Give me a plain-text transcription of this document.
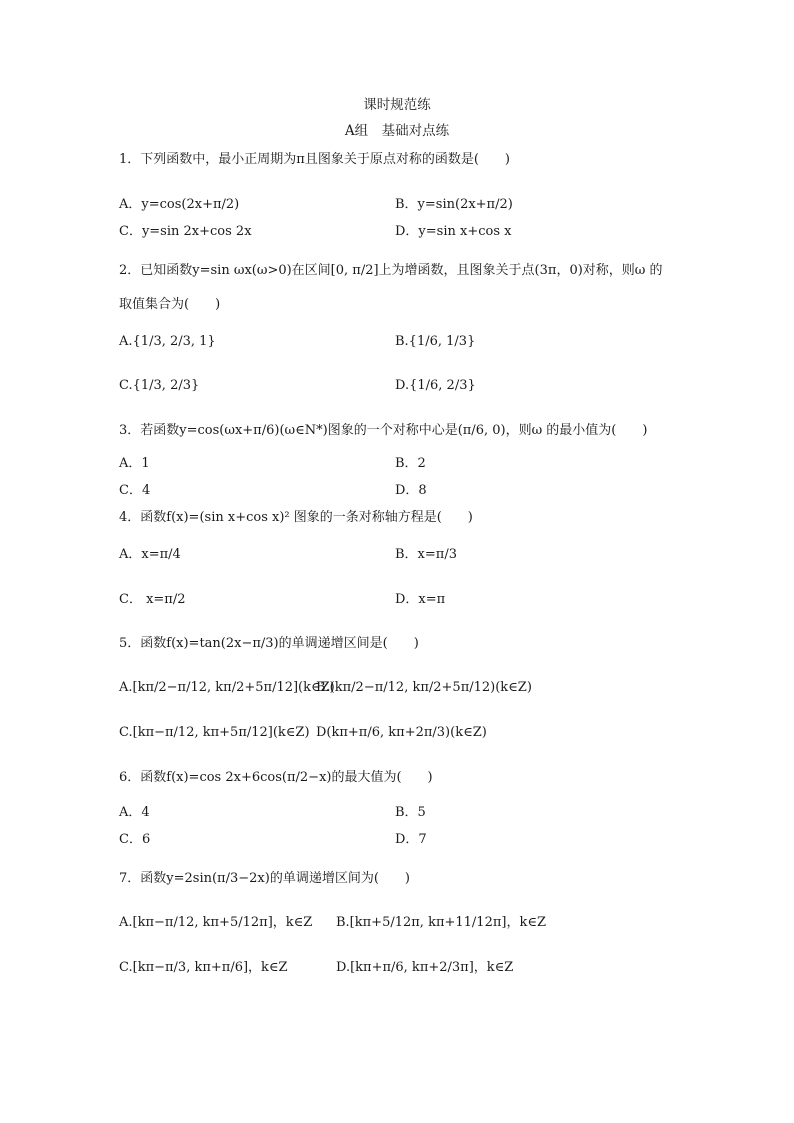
课时规范练
A组　基础对点练
1．下列函数中，最小正周期为π且图象关于原点对称的函数是(　　)
A．y=cos(2x+π/2)	B．y=sin(2x+π/2)
C．y=sin 2x+cos 2x	D．y=sin x+cos x
2．已知函数y=sin ωx(ω>0)在区间[0, π/2]上为增函数，且图象关于点(3π，0)对称，则ω 的
取值集合为(　　)
A.{1/3, 2/3, 1}	B.{1/6, 1/3}
C.{1/3, 2/3}	D.{1/6, 2/3}
3．若函数y=cos(ωx+π/6)(ω∈N*)图象的一个对称中心是(π/6, 0)，则ω 的最小值为(　　)
A．1	B．2
C．4	D．8
4．函数f(x)=(sin x+cos x)² 图象的一条对称轴方程是(　　)
A．x=π/4	B．x=π/3
C． x=π/2	D．x=π
5．函数f(x)=tan(2x−π/3)的单调递增区间是(　　)
A.[kπ/2−π/12, kπ/2+5π/12](k∈Z)
B.(kπ/2−π/12, kπ/2+5π/12)(k∈Z)
C.[kπ−π/12, kπ+5π/12](k∈Z) D(kπ+π/6, kπ+2π/3)(k∈Z)
6．函数f(x)=cos 2x+6cos(π/2−x)的最大值为(　　)
A．4	B．5
C．6	D．7
7．函数y=2sin(π/3−2x)的单调递增区间为(　　)
A.[kπ−π/12, kπ+5/12π]，k∈Z B.[kπ+5/12π, kπ+11/12π]，k∈Z
C.[kπ−π/3, kπ+π/6]，k∈Z	D.[kπ+π/6, kπ+2/3π]，k∈Z
